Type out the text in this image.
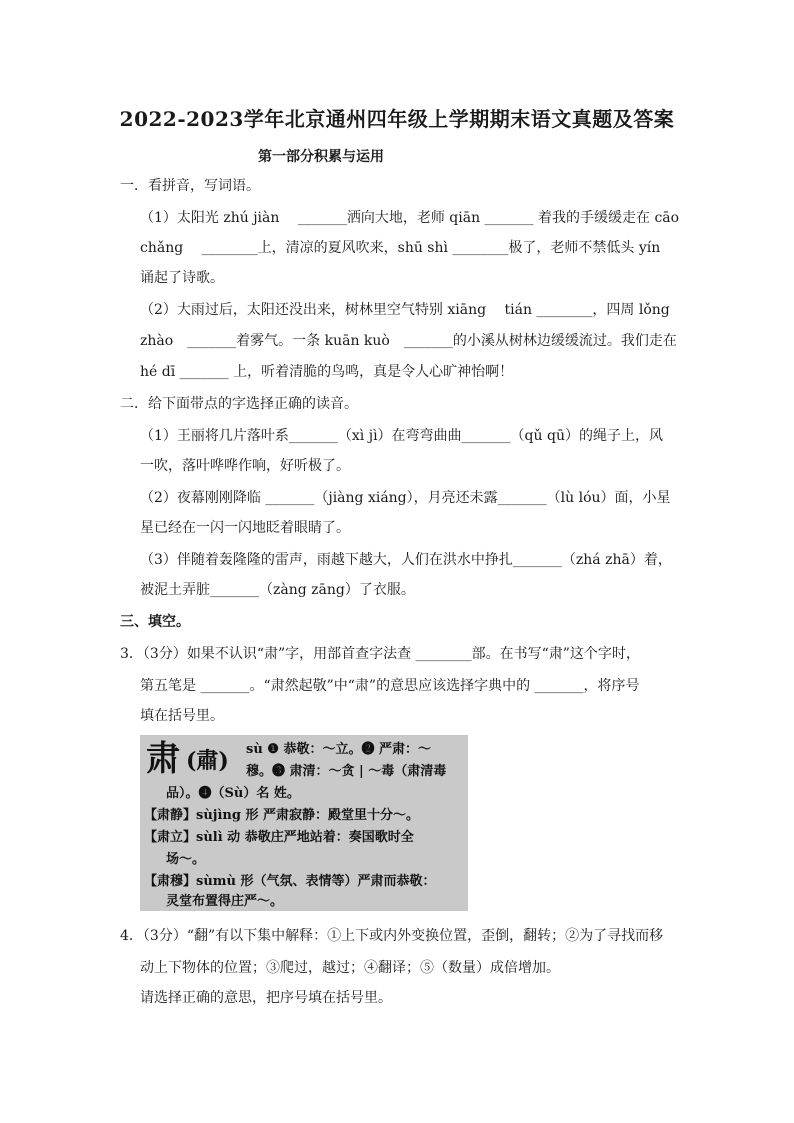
2022-2023学年北京通州四年级上学期期末语文真题及答案
第一部分积累与运用
一．看拼音，写词语。
（1）太阳光 zhú jiàn　 _______洒向大地，老师 qiān _______ 着我的手缓缓走在 cāo
chǎng　 ________上，清凉的夏风吹来，shū shì ________极了，老师不禁低头 yín
诵起了诗歌。
（2）大雨过后，太阳还没出来，树林里空气特别 xiāng　 tián ________，四周 lǒng
zhào　_______着雾气。一条 kuān kuò　_______的小溪从树林边缓缓流过。我们走在
hé dī _______ 上，听着清脆的鸟鸣，真是令人心旷神怡啊！
二．给下面带点的字选择正确的读音。
（1）王丽将几片落叶系_______（xì jì）在弯弯曲曲_______（qǔ qū）的绳子上，风
一吹，落叶哗哗作响，好听极了。
（2）夜幕刚刚降临 _______（jiàng xiáng），月亮还未露_______（lù lóu）面，小星
星已经在一闪一闪地眨着眼睛了。
（3）伴随着轰隆隆的雷声，雨越下越大，人们在洪水中挣扎_______（zhá zhā）着，
被泥土弄脏_______（zàng zāng）了衣服。
三、填空。
3．（3分）如果不认识“肃”字，用部首查字法查 ________部。在书写“肃”这个字时，
第五笔是 _______。“肃然起敬”中“肃”的意思应该选择字典中的 _______，将序号
填在括号里。
肃 (肅) sù ❶ 恭敬：～立。❷ 严肃：～
穆。❸ 肃清：～贪 | ～毒（肃清毒
品）。❹（Sù）名 姓。
【肃静】sùjìng 形 严肃寂静：殿堂里十分～。
【肃立】sùlì 动 恭敬庄严地站着：奏国歌时全
场～。
【肃穆】sùmù 形（气氛、表情等）严肃而恭敬：
灵堂布置得庄严～。
4．（3分）“翻”有以下集中解释：①上下或内外变换位置，歪倒，翻转；②为了寻找而移
动上下物体的位置；③爬过，越过；④翻译；⑤（数量）成倍增加。
请选择正确的意思，把序号填在括号里。
